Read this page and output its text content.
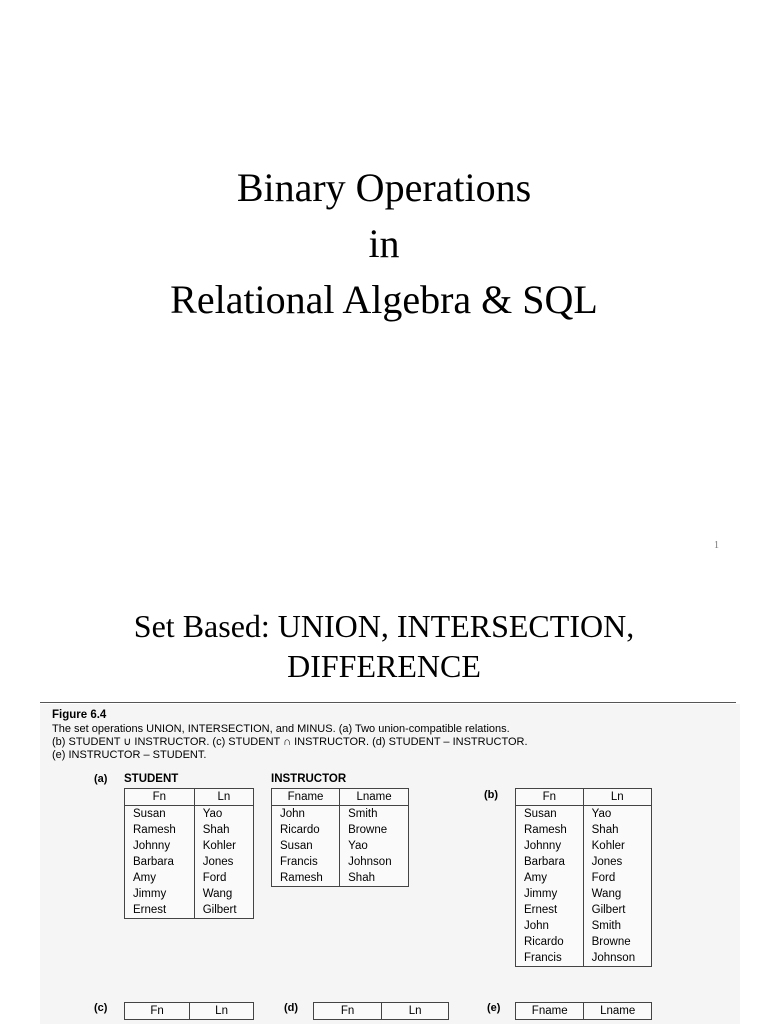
Binary Operations
in
Relational Algebra & SQL
1
Set Based: UNION, INTERSECTION,
DIFFERENCE
Figure 6.4
The set operations UNION, INTERSECTION, and MINUS. (a) Two union-compatible relations.
(b) STUDENT ∪ INSTRUCTOR. (c) STUDENT ∩ INSTRUCTOR. (d) STUDENT – INSTRUCTOR.
(e) INSTRUCTOR – STUDENT.
(a) STUDENT	INSTRUCTOR
(b)
(c)	(d)	(e)
Fn	Ln
Susan	Yao
Ramesh	Shah
Johnny	Kohler
Barbara	Jones
Amy	Ford
Jimmy	Wang
Ernest	Gilbert
Fname	Lname
John	Smith
Ricardo	Browne
Susan	Yao
Francis	Johnson
Ramesh	Shah
Fn	Ln
Susan	Yao
Ramesh	Shah
Johnny	Kohler
Barbara	Jones
Amy	Ford
Jimmy	Wang
Ernest	Gilbert
John	Smith
Ricardo	Browne
Francis	Johnson
Fn	Ln	Fn	Ln	Fname	Lname
